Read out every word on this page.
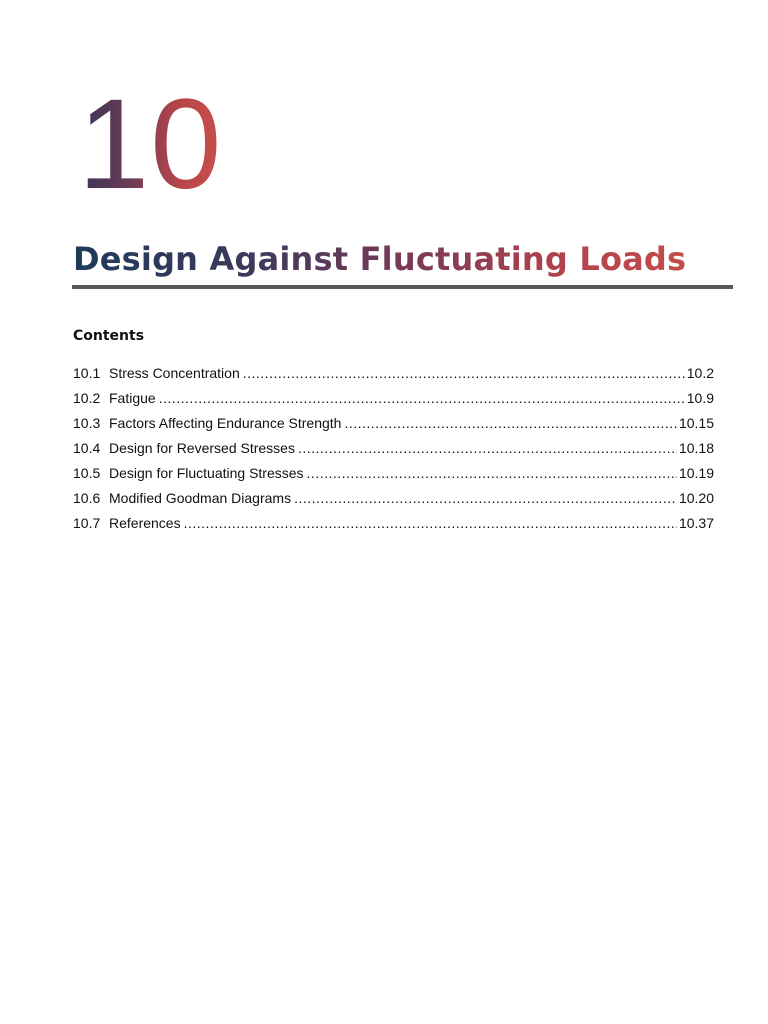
10
Design Against Fluctuating Loads
Contents
10.1 Stress Concentration .....	10.2
10.2 Fatigue .....	10.9
10.3 Factors Affecting Endurance Strength .....	10.15
10.4 Design for Reversed Stresses .....	10.18
10.5 Design for Fluctuating Stresses .....	10.19
10.6 Modified Goodman Diagrams .....	10.20
10.7 References .....	10.37
